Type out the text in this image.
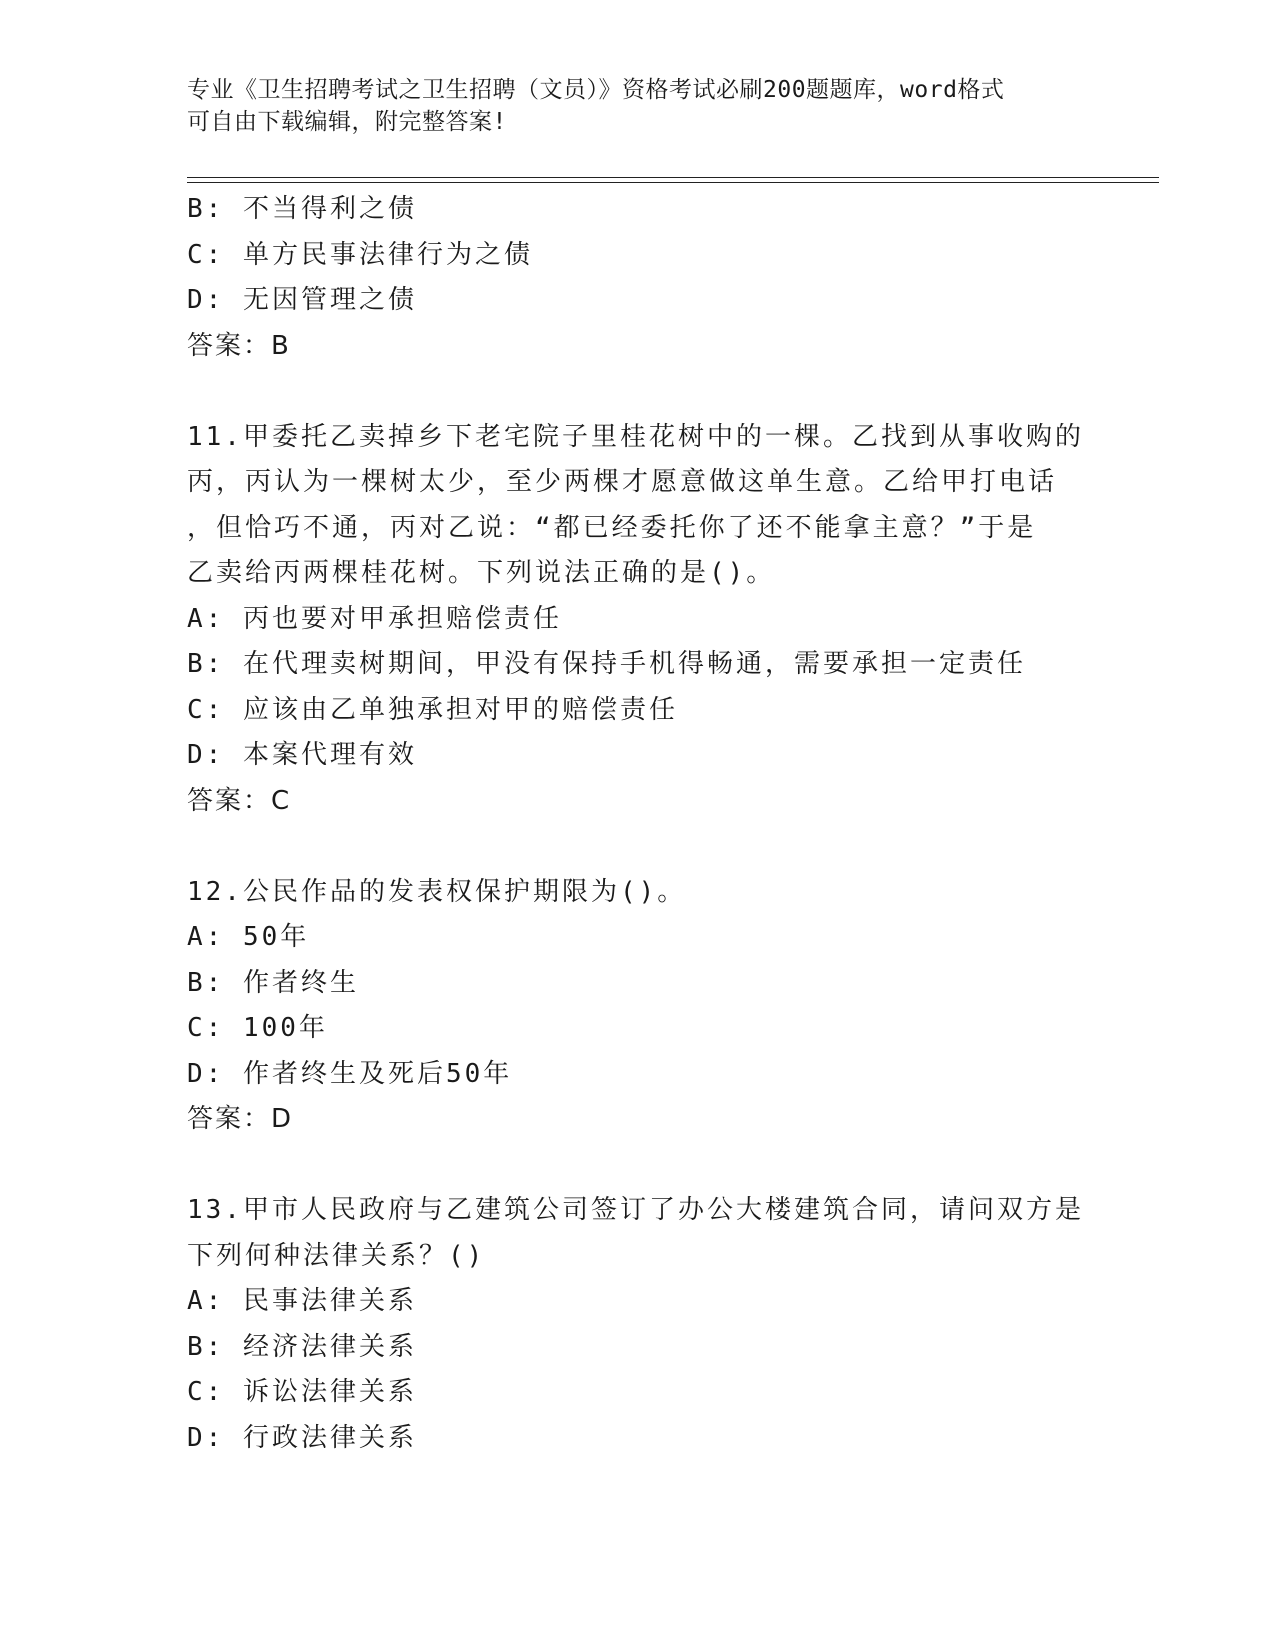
专业《卫生招聘考试之卫生招聘（文员）》资格考试必刷200题题库，word格式
可自由下载编辑，附完整答案!
B: 不当得利之债
C: 单方民事法律行为之债
D: 无因管理之债
答案：B
11.甲委托乙卖掉乡下老宅院子里桂花树中的一棵。乙找到从事收购的
丙，丙认为一棵树太少，至少两棵才愿意做这单生意。乙给甲打电话
，但恰巧不通，丙对乙说：“都已经委托你了还不能拿主意？”于是
乙卖给丙两棵桂花树。下列说法正确的是()。
A: 丙也要对甲承担赔偿责任
B: 在代理卖树期间，甲没有保持手机得畅通，需要承担一定责任
C: 应该由乙单独承担对甲的赔偿责任
D: 本案代理有效
答案：C
12.公民作品的发表权保护期限为()。
A: 50年
B: 作者终生
C: 100年
D: 作者终生及死后50年
答案：D
13.甲市人民政府与乙建筑公司签订了办公大楼建筑合同，请问双方是
下列何种法律关系？()
A: 民事法律关系
B: 经济法律关系
C: 诉讼法律关系
D: 行政法律关系
